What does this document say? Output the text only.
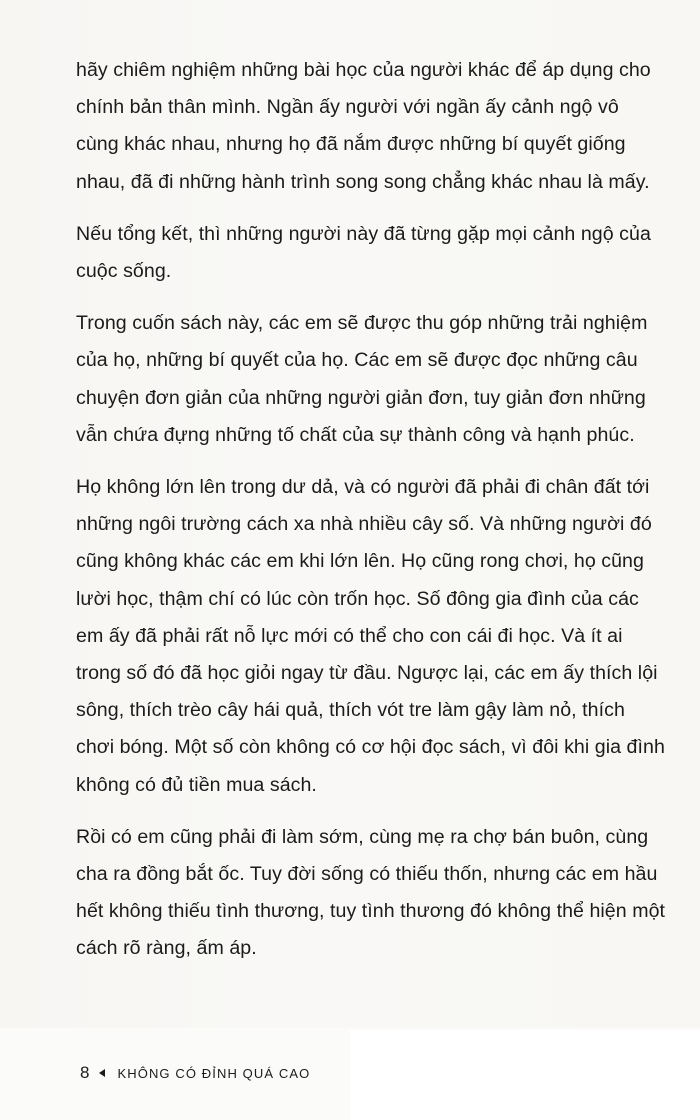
hãy chiêm nghiệm những bài học của người khác để áp dụng cho chính bản thân mình. Ngần ấy người với ngần ấy cảnh ngộ vô cùng khác nhau, nhưng họ đã nắm được những bí quyết giống nhau, đã đi những hành trình song song chẳng khác nhau là mấy.

Nếu tổng kết, thì những người này đã từng gặp mọi cảnh ngộ của cuộc sống.

Trong cuốn sách này, các em sẽ được thu góp những trải nghiệm của họ, những bí quyết của họ. Các em sẽ được đọc những câu chuyện đơn giản của những người giản đơn, tuy giản đơn những vẫn chứa đựng những tố chất của sự thành công và hạnh phúc.

Họ không lớn lên trong dư dả, và có người đã phải đi chân đất tới những ngôi trường cách xa nhà nhiều cây số. Và những người đó cũng không khác các em khi lớn lên. Họ cũng rong chơi, họ cũng lười học, thậm chí có lúc còn trốn học. Số đông gia đình của các em ấy đã phải rất nỗ lực mới có thể cho con cái đi học. Và ít ai trong số đó đã học giỏi ngay từ đầu. Ngược lại, các em ấy thích lội sông, thích trèo cây hái quả, thích vót tre làm gậy làm nỏ, thích chơi bóng. Một số còn không có cơ hội đọc sách, vì đôi khi gia đình không có đủ tiền mua sách.

Rồi có em cũng phải đi làm sớm, cùng mẹ ra chợ bán buôn, cùng cha ra đồng bắt ốc. Tuy đời sống có thiếu thốn, nhưng các em hầu hết không thiếu tình thương, tuy tình thương đó không thể hiện một cách rõ ràng, ấm áp.

8 KHÔNG CÓ ĐỈNH QUÁ CAO
